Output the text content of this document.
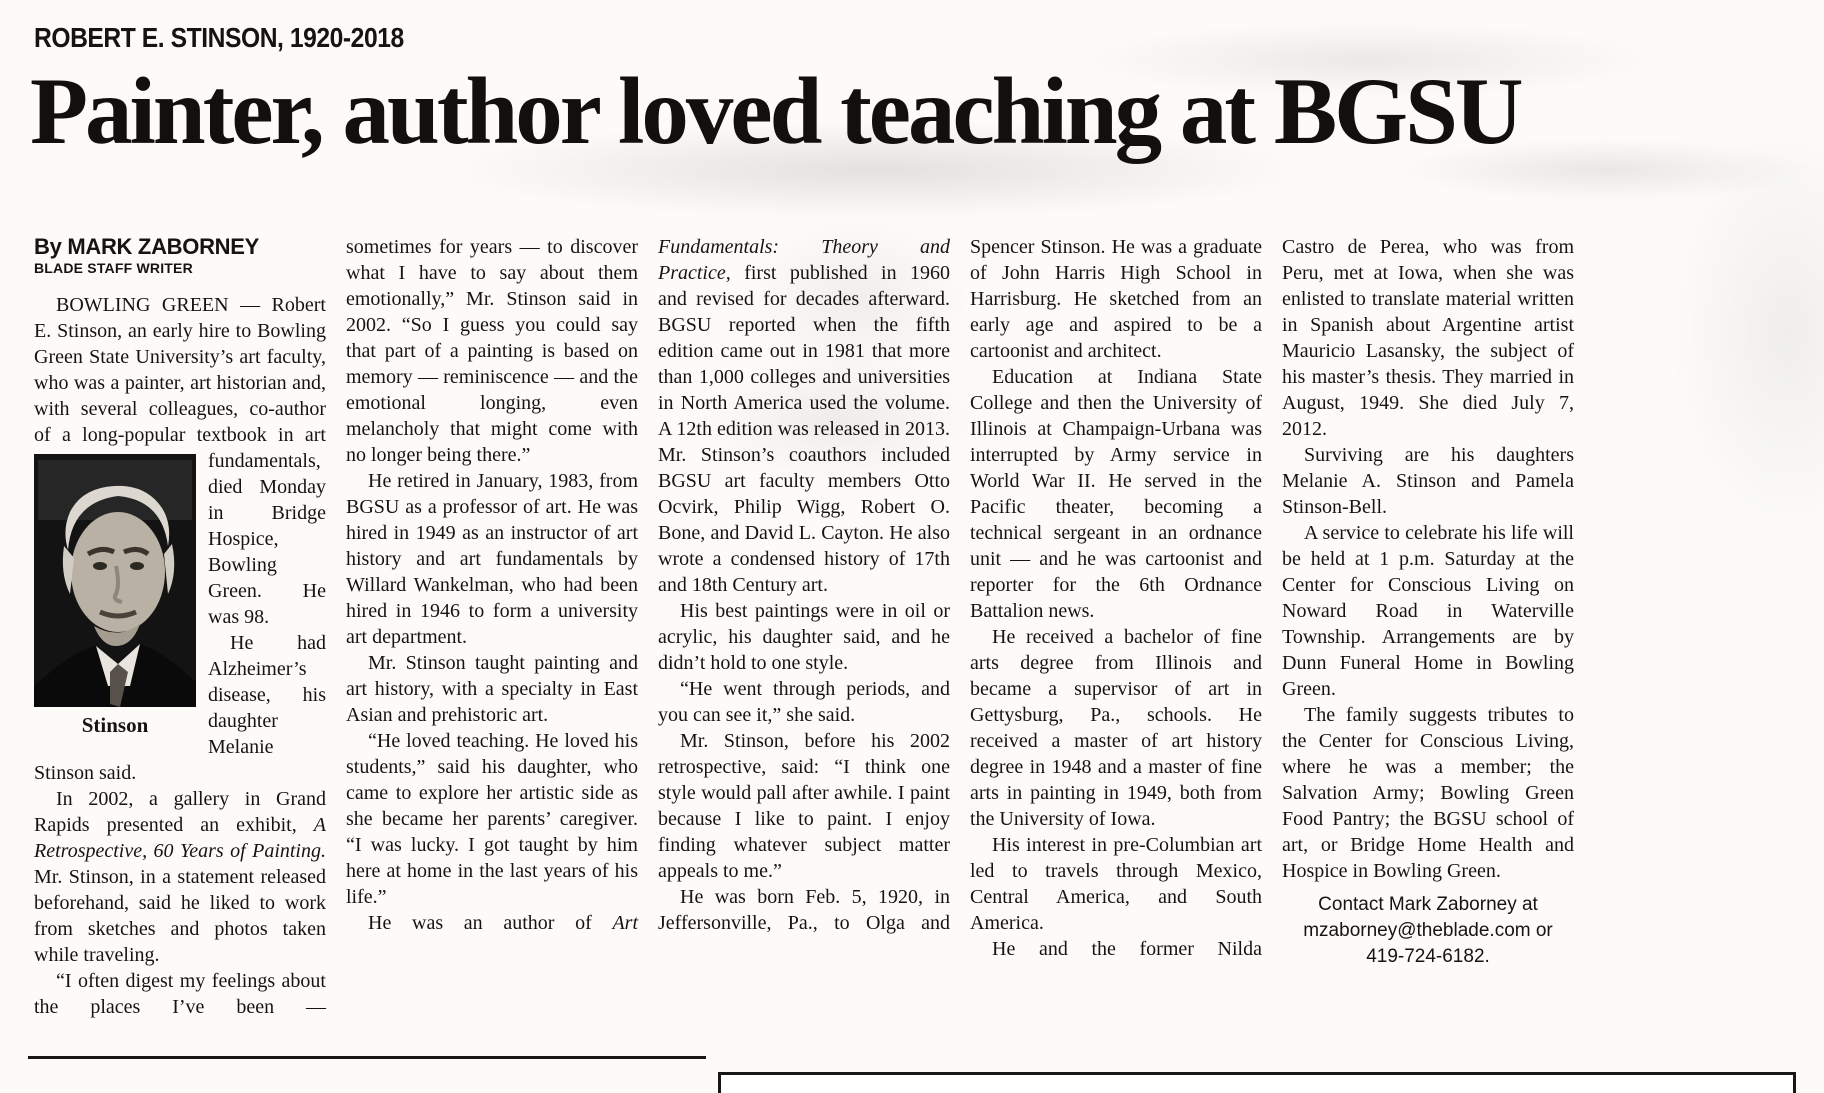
ROBERT E. STINSON, 1920-2018
Painter, author loved teaching at BGSU
By MARK ZABORNEY
BLADE STAFF WRITER

BOWLING GREEN — Robert E. Stinson, an early hire to Bowling Green State University’s art faculty, who was a painter, art historian and, with several colleagues, co-author of a long-popular textbook in art fundamentals,
Stinson
died Monday in Bridge Hospice, Bowling Green. He was 98.

He had Alzheimer’s disease, his daughter Melanie Stinson said.

In 2002, a gallery in Grand Rapids presented an exhibit, A Retrospective, 60 Years of Painting. Mr. Stinson, in a statement released beforehand, said he liked to work from sketches and photos taken while traveling.

“I often digest my feelings about the places I’ve been —

sometimes for years — to discover what I have to say about them emotionally,” Mr. Stinson said in 2002. “So I guess you could say that part of a painting is based on memory — reminiscence — and the emotional longing, even melancholy that might come with no longer being there.”

He retired in January, 1983, from BGSU as a professor of art. He was hired in 1949 as an instructor of art history and art fundamentals by Willard Wankelman, who had been hired in 1946 to form a university art department.

Mr. Stinson taught painting and art history, with a specialty in East Asian and prehistoric art.

“He loved teaching. He loved his students,” said his daughter, who came to explore her artistic side as she became her parents’ caregiver. “I was lucky. I got taught by him here at home in the last years of his life.”

He was an author of Art

Fundamentals: Theory and Practice, first published in 1960 and revised for decades afterward. BGSU reported when the fifth edition came out in 1981 that more than 1,000 colleges and universities in North America used the volume. A 12th edition was released in 2013. Mr. Stinson’s coauthors included BGSU art faculty members Otto Ocvirk, Philip Wigg, Robert O. Bone, and David L. Cayton. He also wrote a condensed history of 17th and 18th Century art.

His best paintings were in oil or acrylic, his daughter said, and he didn’t hold to one style.

“He went through periods, and you can see it,” she said.

Mr. Stinson, before his 2002 retrospective, said: “I think one style would pall after awhile. I paint because I like to paint. I enjoy finding whatever subject matter appeals to me.”

He was born Feb. 5, 1920, in Jeffersonville, Pa., to Olga and

Spencer Stinson. He was a graduate of John Harris High School in Harrisburg. He sketched from an early age and aspired to be a cartoonist and architect.

Education at Indiana State College and then the University of Illinois at Champaign-Urbana was interrupted by Army service in World War II. He served in the Pacific theater, becoming a technical sergeant in an ordnance unit — and he was cartoonist and reporter for the 6th Ordnance Battalion news.

He received a bachelor of fine arts degree from Illinois and became a supervisor of art in Gettysburg, Pa., schools. He received a master of art history degree in 1948 and a master of fine arts in painting in 1949, both from the University of Iowa.

His interest in pre-Columbian art led to travels through Mexico, Central America, and South America.

He and the former Nilda

Castro de Perea, who was from Peru, met at Iowa, when she was enlisted to translate material written in Spanish about Argentine artist Mauricio Lasansky, the subject of his master’s thesis. They married in August, 1949. She died July 7, 2012.

Surviving are his daughters Melanie A. Stinson and Pamela Stinson-Bell.

A service to celebrate his life will be held at 1 p.m. Saturday at the Center for Conscious Living on Noward Road in Waterville Township. Arrangements are by Dunn Funeral Home in Bowling Green.

The family suggests tributes to the Center for Conscious Living, where he was a member; the Salvation Army; Bowling Green Food Pantry; the BGSU school of art, or Bridge Home Health and Hospice in Bowling Green.

Contact Mark Zaborney at
mzaborney@theblade.com or
419-724-6182.
